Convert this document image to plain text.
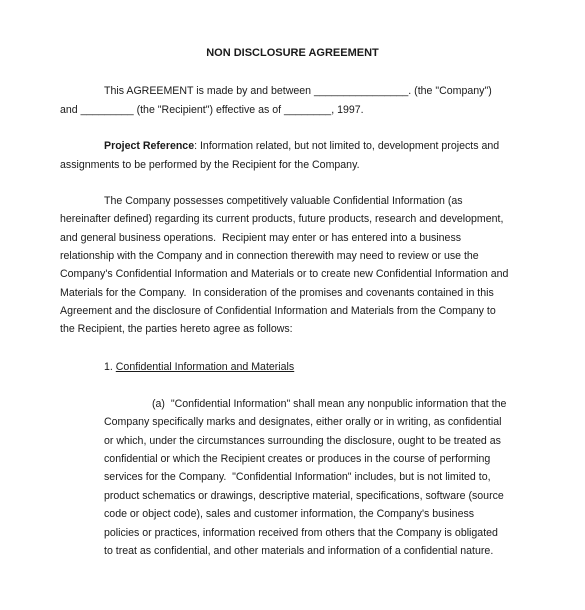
NON DISCLOSURE AGREEMENT
This AGREEMENT is made by and between ________________. (the "Company")
and _________ (the "Recipient") effective as of ________, 1997.
Project Reference: Information related, but not limited to, development projects and
assignments to be performed by the Recipient for the Company.
The Company possesses competitively valuable Confidential Information (as
hereinafter defined) regarding its current products, future products, research and development,
and general business operations.  Recipient may enter or has entered into a business
relationship with the Company and in connection therewith may need to review or use the
Company's Confidential Information and Materials or to create new Confidential Information and
Materials for the Company.  In consideration of the promises and covenants contained in this
Agreement and the disclosure of Confidential Information and Materials from the Company to
the Recipient, the parties hereto agree as follows:
1. Confidential Information and Materials
(a)  "Confidential Information" shall mean any nonpublic information that the
Company specifically marks and designates, either orally or in writing, as confidential
or which, under the circumstances surrounding the disclosure, ought to be treated as
confidential or which the Recipient creates or produces in the course of performing
services for the Company.  "Confidential Information" includes, but is not limited to,
product schematics or drawings, descriptive material, specifications, software (source
code or object code), sales and customer information, the Company's business
policies or practices, information received from others that the Company is obligated
to treat as confidential, and other materials and information of a confidential nature.
